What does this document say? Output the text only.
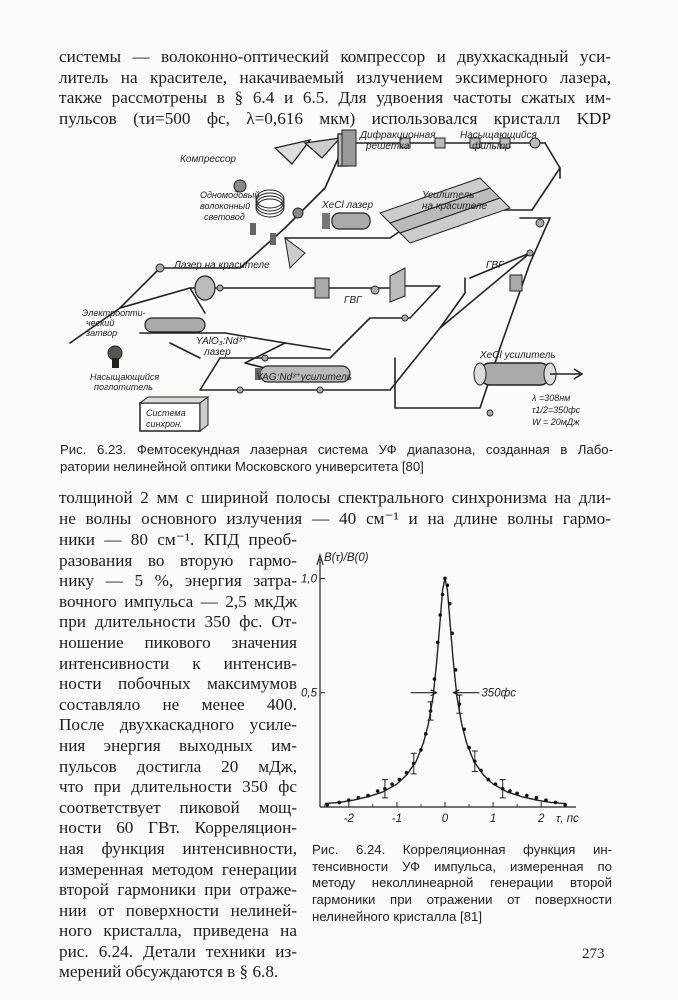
системы — волоконно-оптический компрессор и двухкаскадный уси-
литель на красителе, накачиваемый излучением эксимерного лазера,
также рассмотрены в § 6.4 и 6.5. Для удвоения частоты сжатых им-
пульсов (τи=500 фс, λ=0,616 мкм) использовался кристалл KDP
Компрессор
Дифракционная
решетка
Насыщающийся
фильтр
Одномодовый
волоконный
световод
XeCl лазер
Усилитель
на красителе
Лазер на красителе
Электроопти-
ческий
затвор
YAlO₃:Nd³⁺
лазер
Насыщающийся
поглотитель
ГВГ
ГВГ
YAG:Nd³⁺усилитель
Система
синхрон.
XeCl усилитель
λ =308нм
τ1/2=350фс
W = 20мДж
Рис. 6.23. Фемтосекундная лазерная система УФ диапазона, созданная в Лабо-
ратории нелинейной оптики Московского университета [80]
толщиной 2 мм с шириной полосы спектрального синхронизма на дли-
не волны основного излучения — 40 см⁻¹ и на длине волны гармо-
ники — 80 см⁻¹. КПД преоб-
разования во вторую гармо-
нику — 5 %, энергия затра-
вочного импульса — 2,5 мкДж
при длительности 350 фс. От-
ношение пикового значения
интенсивности к интенсив-
ности побочных максимумов
составляло не менее 400.
После двухкаскадного усиле-
ния энергия выходных им-
пульсов достигла 20 мДж,
что при длительности 350 фс
соответствует пиковой мощ-
ности 60 ГВт. Корреляцион-
ная функция интенсивности,
измеренная методом генерации
второй гармоники при отраже-
нии от поверхности нелиней-
ного кристалла, приведена на
рис. 6.24. Детали техники из-
мерений обсуждаются в § 6.8.
0,5
1,0
-2	-1	0	1	2
B(τ)/B(0)
τ, пс
350фс
Рис. 6.24. Корреляционная функция ин-
тенсивности УФ импульса, измеренная по
методу неколлинеарной генерации второй
гармоники при отражении от поверхности
нелинейного кристалла [81]
273
